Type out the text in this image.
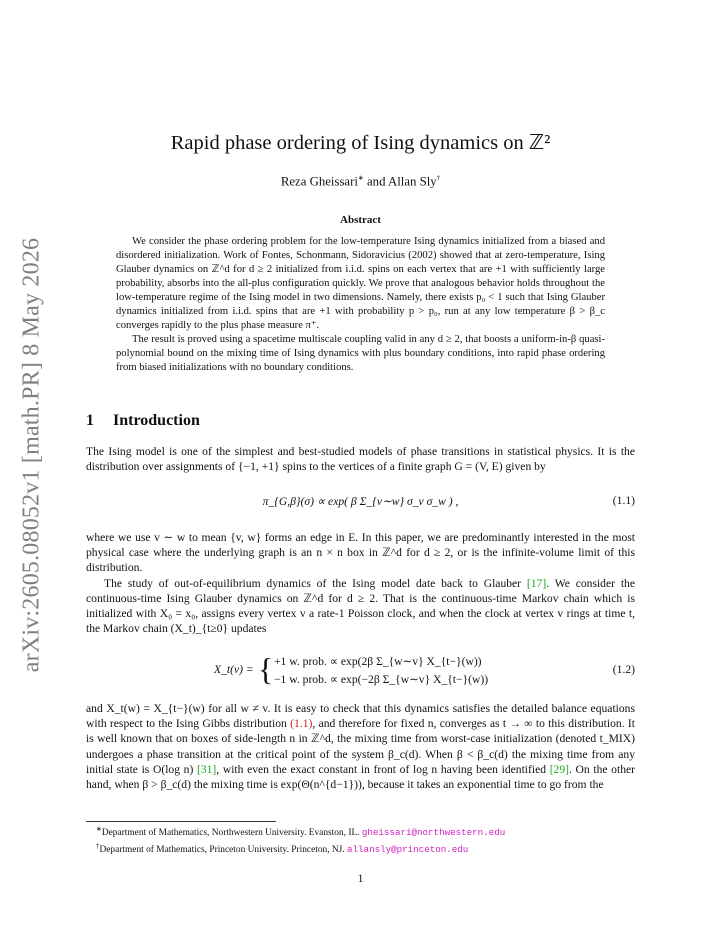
arXiv:2605.08052v1 [math.PR] 8 May 2026
Rapid phase ordering of Ising dynamics on ℤ²
Reza Gheissari∗ and Allan Sly†
Abstract

We consider the phase ordering problem for the low-temperature Ising dynamics initialized from a biased and disordered initialization. Work of Fontes, Schonmann, Sidoravicius (2002) showed that at zero-temperature, Ising Glauber dynamics on ℤ^d for d ≥ 2 initialized from i.i.d. spins on each vertex that are +1 with sufficiently large probability, absorbs into the all-plus configuration quickly. We prove that analogous behavior holds throughout the low-temperature regime of the Ising model in two dimensions. Namely, there exists p₀ < 1 such that Ising Glauber dynamics initialized from i.i.d. spins that are +1 with probability p > p₀, run at any low temperature β > β_c converges rapidly to the plus phase measure π⁺.

The result is proved using a spacetime multiscale coupling valid in any d ≥ 2, that boosts a uniform-in-β quasi-polynomial bound on the mixing time of Ising dynamics with plus boundary conditions, into rapid phase ordering from biased initializations with no boundary conditions.

1 Introduction

The Ising model is one of the simplest and best-studied models of phase transitions in statistical physics. It is the distribution over assignments of {−1, +1} spins to the vertices of a finite graph G = (V, E) given by

π_{G,β}(σ) ∝ exp( β Σ_{v∼w} σ_v σ_w ) ,	(1.1)

where we use v ∼ w to mean {v, w} forms an edge in E. In this paper, we are predominantly interested in the most physical case where the underlying graph is an n × n box in ℤ^d for d ≥ 2, or is the infinite-volume limit of this distribution.

The study of out-of-equilibrium dynamics of the Ising model date back to Glauber [17]. We consider the continuous-time Ising Glauber dynamics on ℤ^d for d ≥ 2. That is the continuous-time Markov chain which is initialized with X₀ = x₀, assigns every vertex v a rate-1 Poisson clock, and when the clock at vertex v rings at time t, the Markov chain (X_t)_{t≥0} updates

X_t(v) = { +1 w. prob. ∝ exp(2β Σ_{w∼v} X_{t−}(w))
−1 w. prob. ∝ exp(−2β Σ_{w∼v} X_{t−}(w))
(1.2)

and X_t(w) = X_{t−}(w) for all w ≠ v. It is easy to check that this dynamics satisfies the detailed balance equations with respect to the Ising Gibbs distribution (1.1), and therefore for fixed n, converges as t → ∞ to this distribution. It is well known that on boxes of side-length n in ℤ^d, the mixing time from worst-case initialization (denoted t_MIX) undergoes a phase transition at the critical point of the system β_c(d). When β < β_c(d) the mixing time from any initial state is O(log n) [31], with even the exact constant in front of log n having been identified [29]. On the other hand, when β > β_c(d) the mixing time is exp(Θ(n^{d−1})), because it takes an exponential time to go from the

∗Department of Mathematics, Northwestern University. Evanston, IL. gheissari@northwestern.edu
†Department of Mathematics, Princeton University. Princeton, NJ. allansly@princeton.edu
1
